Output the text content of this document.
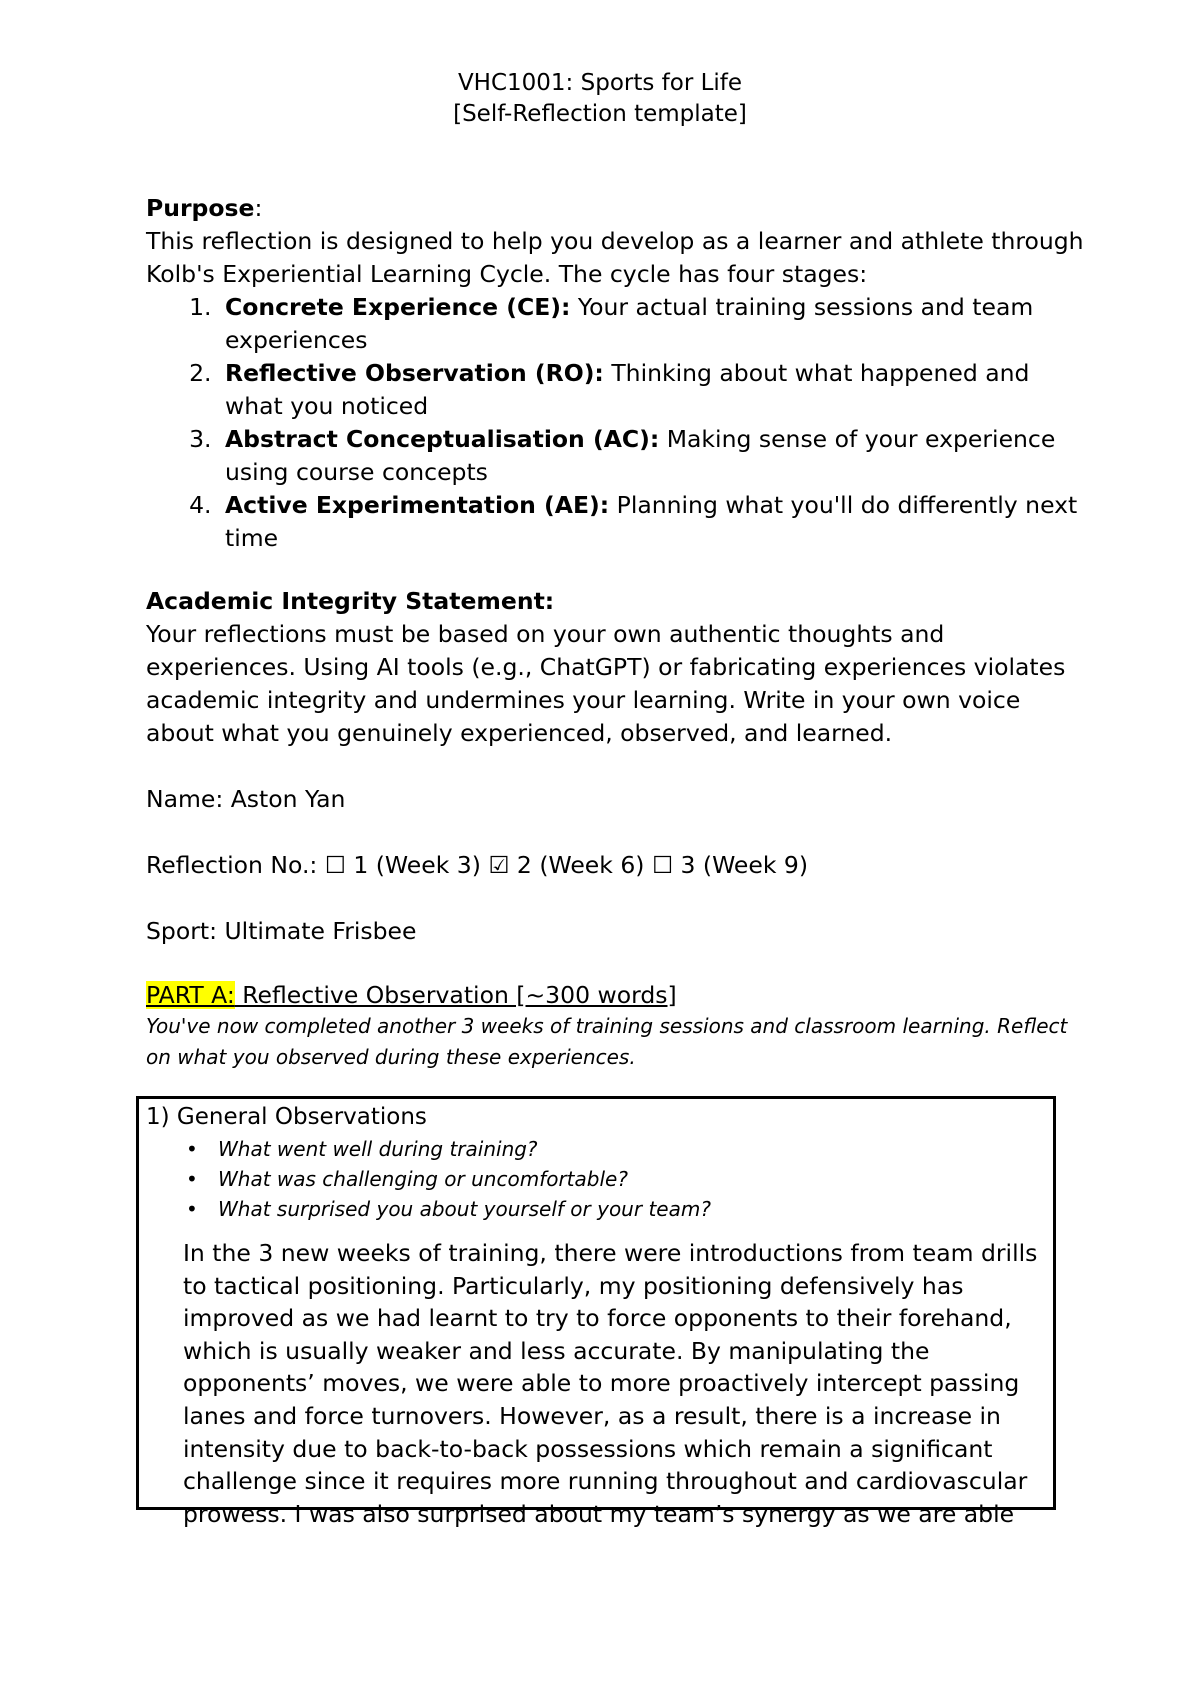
VHC1001: Sports for Life
[Self-Reflection template]

Purpose:

This reflection is designed to help you develop as a learner and athlete through Kolb's Experiential Learning Cycle. The cycle has four stages:

1. Concrete Experience (CE): Your actual training sessions and team experiences
2. Reflective Observation (RO): Thinking about what happened and what you noticed
3. Abstract Conceptualisation (AC): Making sense of your experience using course concepts
4. Active Experimentation (AE): Planning what you'll do differently next time

Academic Integrity Statement:

Your reflections must be based on your own authentic thoughts and experiences. Using AI tools (e.g., ChatGPT) or fabricating experiences violates academic integrity and undermines your learning. Write in your own voice about what you genuinely experienced, observed, and learned.

Name: Aston Yan
Reflection No.: ☐ 1 (Week 3) ☑ 2 (Week 6) ☐ 3 (Week 9)
Sport: Ultimate Frisbee
PART A: Reflective Observation [~300 words]
You've now completed another 3 weeks of training sessions and classroom learning. Reflect on what you observed during these experiences.
1) General Observations
• What went well during training?
• What was challenging or uncomfortable?
• What surprised you about yourself or your team?
In the 3 new weeks of training, there were introductions from team drills to tactical positioning. Particularly, my positioning defensively has improved as we had learnt to try to force opponents to their forehand, which is usually weaker and less accurate. By manipulating the opponents’ moves, we were able to more proactively intercept passing lanes and force turnovers. However, as a result, there is a increase in intensity due to back-to-back possessions which remain a significant challenge since it requires more running throughout and cardiovascular prowess. I was also surprised about my team’s synergy as we are able
